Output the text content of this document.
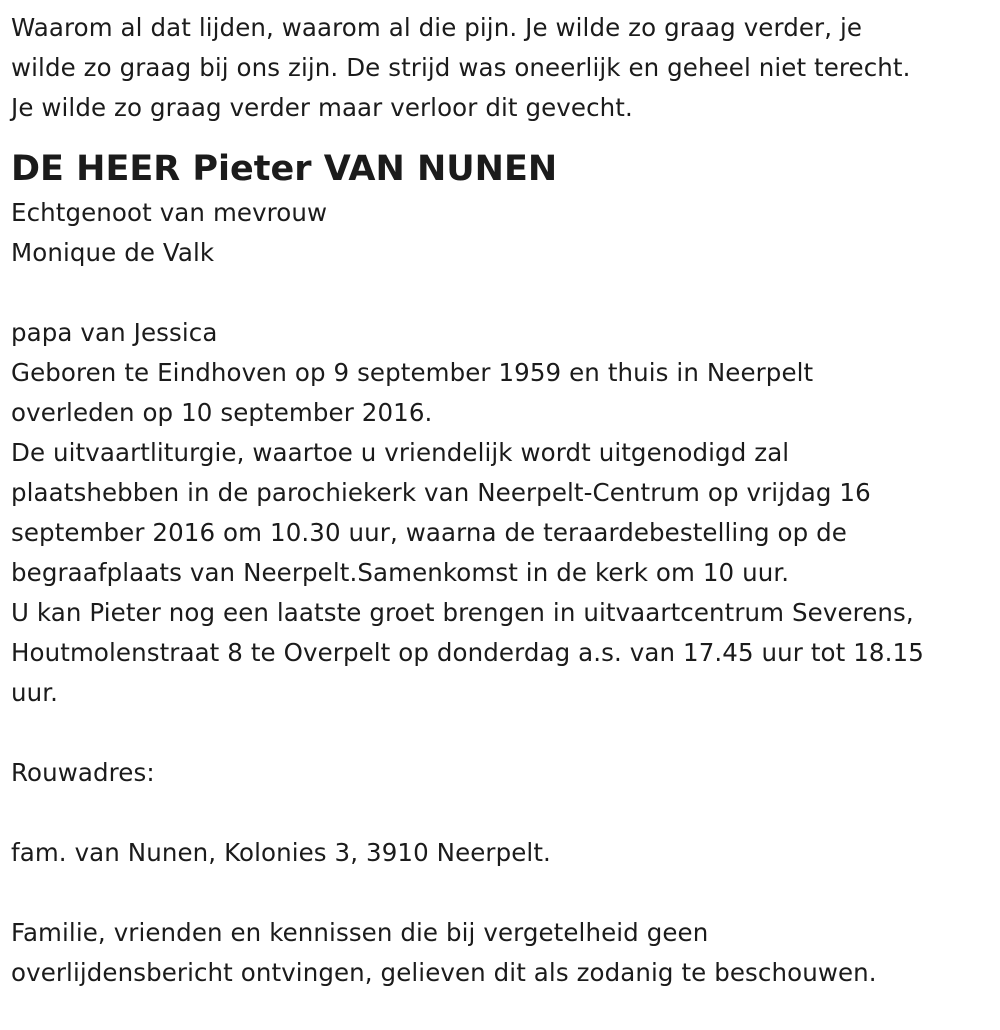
Waarom al dat lijden, waarom al die pijn. Je wilde zo graag verder, je
wilde zo graag bij ons zijn. De strijd was oneerlijk en geheel niet terecht.
Je wilde zo graag verder maar verloor dit gevecht.
DE HEER Pieter VAN NUNEN
Echtgenoot van mevrouw
Monique de Valk
papa van Jessica
Geboren te Eindhoven op 9 september 1959 en thuis in Neerpelt
overleden op 10 september 2016.
De uitvaartliturgie, waartoe u vriendelijk wordt uitgenodigd zal
plaatshebben in de parochiekerk van Neerpelt-Centrum op vrijdag 16
september 2016 om 10.30 uur, waarna de teraardebestelling op de
begraafplaats van Neerpelt.Samenkomst in de kerk om 10 uur.
U kan Pieter nog een laatste groet brengen in uitvaartcentrum Severens,
Houtmolenstraat 8 te Overpelt op donderdag a.s. van 17.45 uur tot 18.15
uur.
Rouwadres:
fam. van Nunen, Kolonies 3, 3910 Neerpelt.
Familie, vrienden en kennissen die bij vergetelheid geen
overlijdensbericht ontvingen, gelieven dit als zodanig te beschouwen.
